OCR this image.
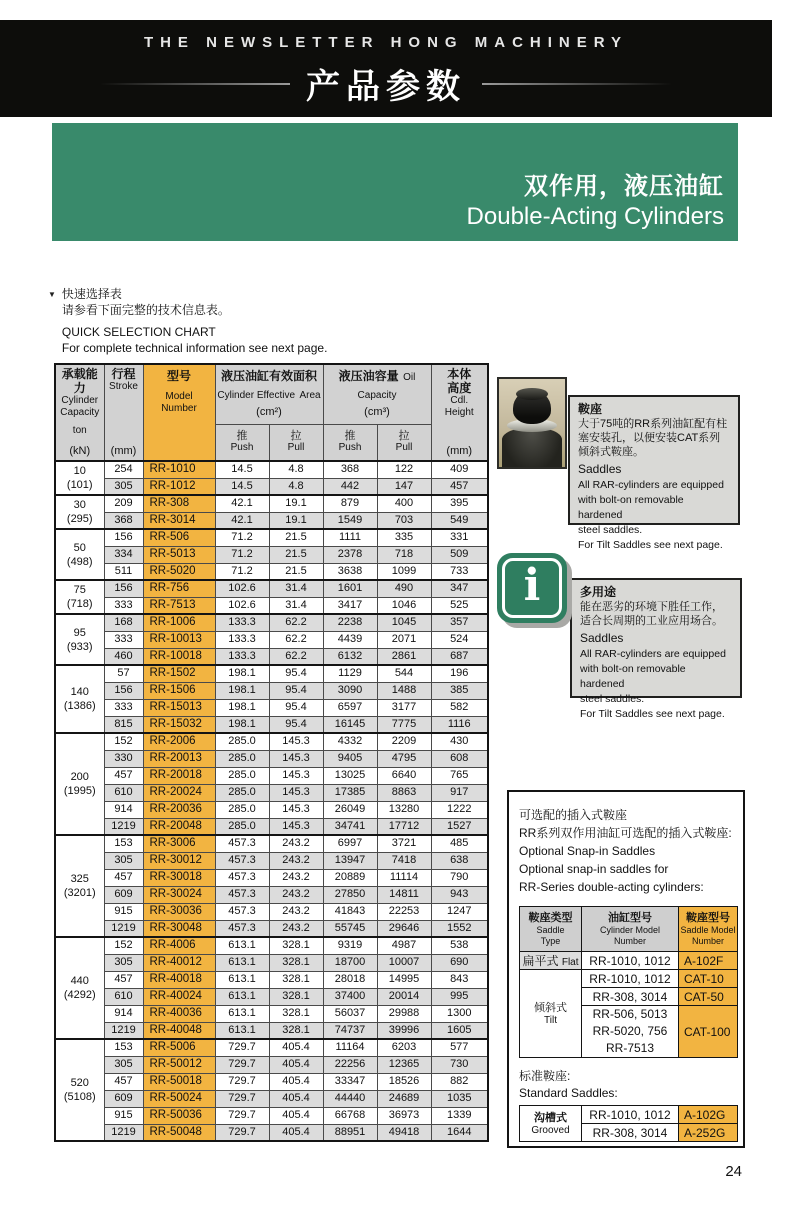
THE NEWSLETTER HONG MACHINERY
产品参数
双作用，液压油缸
Double-Acting Cylinders
▼ 快速选择表
请参看下面完整的技术信息表。
QUICK SELECTION CHART
For complete technical information see next page.
承载能力
Cylinder
Capacity
ton
(kN)	行程
Stroke
(mm)	型号
Model
Number	液压油缸有效面积 Cylinder Effective Area
(cm²)		液压油容量 Oil Capacity
(cm³)		本体
高度
Cdl.
Height
(mm)

推
Push

拉
Pull

推
Push

拉
Pull

10
(101)	254	RR-1010	14.5	4.8	368	122	409
	305	RR-1012	14.5	4.8	442	147	457

30
(295)	209	RR-308	42.1	19.1	879	400	395
	368	RR-3014	42.1	19.1	1549	703	549

50
(498)	156	RR-506	71.2	21.5	1111	335	331
	334	RR-5013	71.2	21.5	2378	718	509
	511	RR-5020	71.2	21.5	3638	1099	733

75
(718)	156	RR-756	102.6	31.4	1601	490	347
	333	RR-7513	102.6	31.4	3417	1046	525

95
(933)	168	RR-1006	133.3	62.2	2238	1045	357
	333	RR-10013	133.3	62.2	4439	2071	524
	460	RR-10018	133.3	62.2	6132	2861	687

140
(1386)	57	RR-1502	198.1	95.4	1129	544	196
	156	RR-1506	198.1	95.4	3090	1488	385
	333	RR-15013	198.1	95.4	6597	3177	582
	815	RR-15032	198.1	95.4	16145	7775	1116

200
(1995)	152	RR-2006	285.0	145.3	4332	2209	430
	330	RR-20013	285.0	145.3	9405	4795	608
	457	RR-20018	285.0	145.3	13025	6640	765
	610	RR-20024	285.0	145.3	17385	8863	917
	914	RR-20036	285.0	145.3	26049	13280	1222
	1219	RR-20048	285.0	145.3	34741	17712	1527

325
(3201)	153	RR-3006	457.3	243.2	6997	3721	485
	305	RR-30012	457.3	243.2	13947	7418	638
	457	RR-30018	457.3	243.2	20889	11114	790
	609	RR-30024	457.3	243.2	27850	14811	943
	915	RR-30036	457.3	243.2	41843	22253	1247
	1219	RR-30048	457.3	243.2	55745	29646	1552

440
(4292)	152	RR-4006	613.1	328.1	9319	4987	538
	305	RR-40012	613.1	328.1	18700	10007	690
	457	RR-40018	613.1	328.1	28018	14995	843
	610	RR-40024	613.1	328.1	37400	20014	995
	914	RR-40036	613.1	328.1	56037	29988	1300
	1219	RR-40048	613.1	328.1	74737	39996	1605

520
(5108)	153	RR-5006	729.7	405.4	11164	6203	577
	305	RR-50012	729.7	405.4	22256	12365	730
	457	RR-50018	729.7	405.4	33347	18526	882
	609	RR-50024	729.7	405.4	44440	24689	1035
	915	RR-50036	729.7	405.4	66768	36973	1339
	1219	RR-50048	729.7	405.4	88951	49418	1644
鞍座
大于75吨的RR系列油缸配有柱塞安装孔，以便安装CAT系列倾斜式鞍座。
Saddles
All RAR-cylinders are equipped
with bolt-on removable hardened
steel saddles.
For Tilt Saddles see next page.
i	多用途
能在恶劣的环境下胜任工作，适合长周期的工业应用场合。
Saddles
All RAR-cylinders are equipped
with bolt-on removable hardened
steel saddles.
For Tilt Saddles see next page.
可选配的插入式鞍座
RR系列双作用油缸可选配的插入式鞍座:
Optional Snap-in Saddles
Optional snap-in saddles for
RR-Series double-acting cylinders:
鞍座类型
Saddle
Type

油缸型号
Cylinder Model
Number

鞍座型号
Saddle Model
Number

扁平式 Flat	RR-1010, 1012	A-102F

倾斜式
Tilt	RR-1010, 1012	CAT-10
	RR-308, 3014	CAT-50

	RR-506, 5013
RR-5020, 756
RR-7513	CAT-100
标准鞍座:
Standard Saddles:
沟槽式
Grooved	RR-1010, 1012	A-102G
	RR-308, 3014	A-252G
24
